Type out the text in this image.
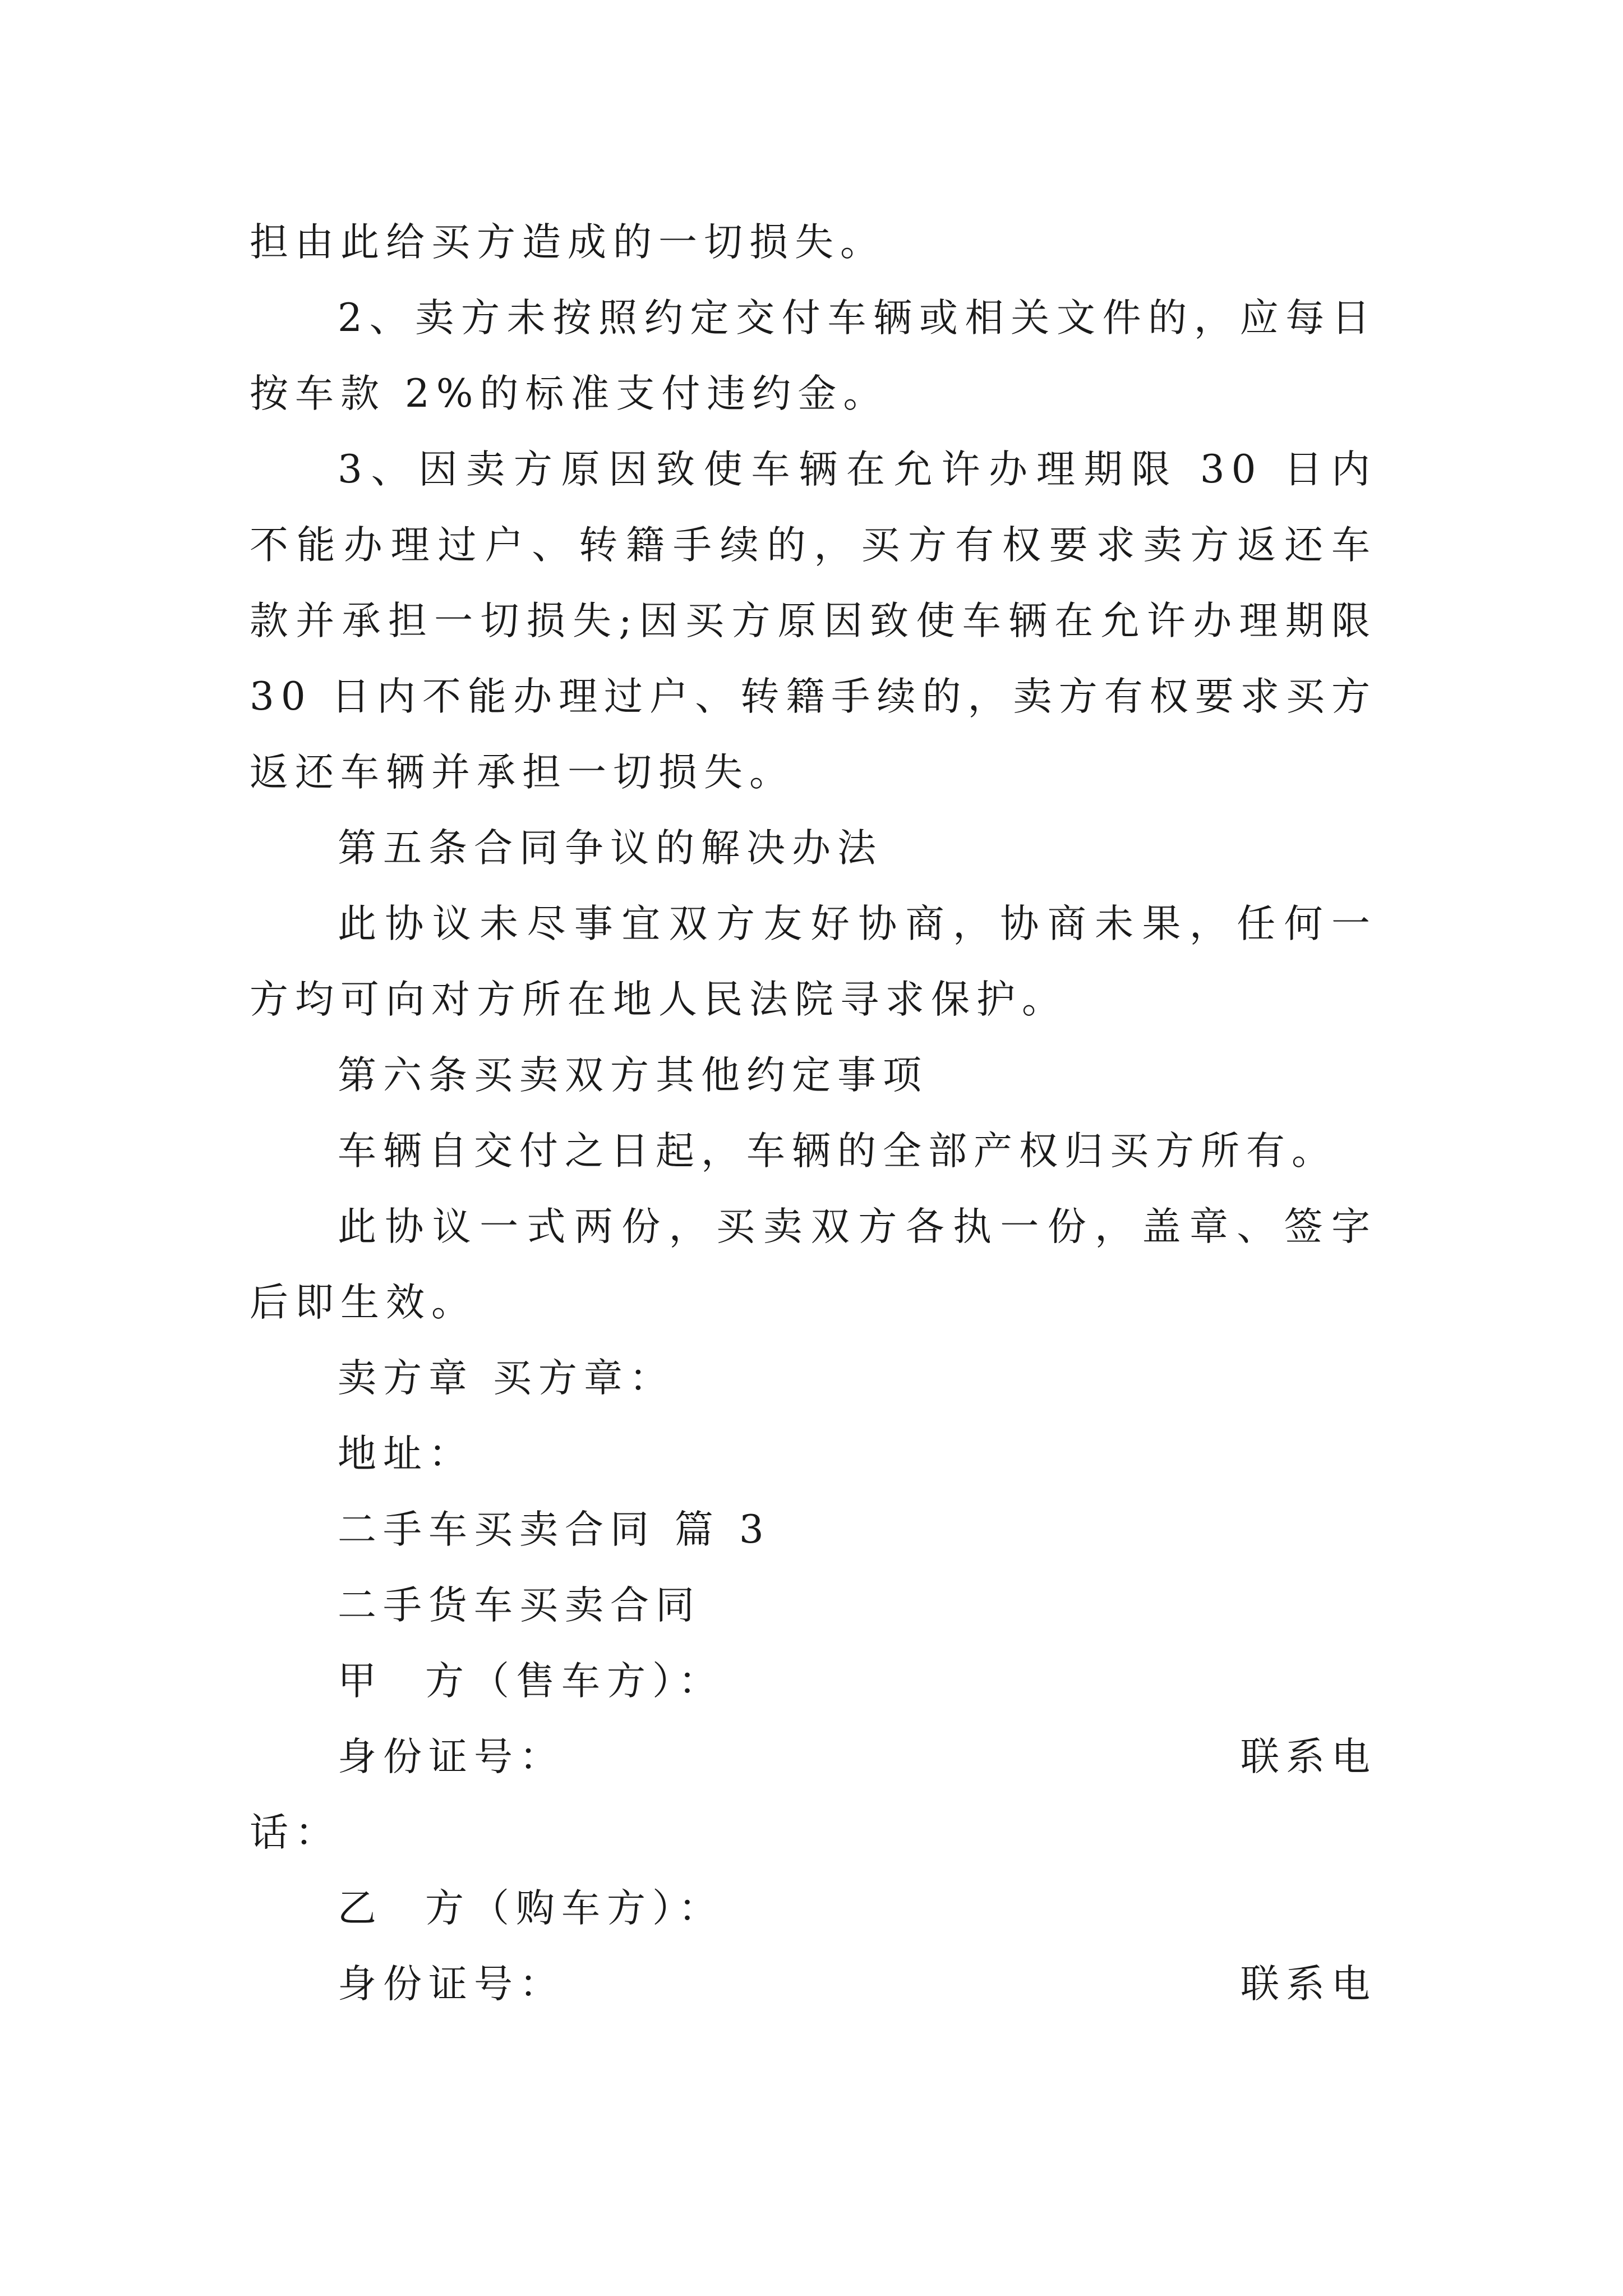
担由此给买方造成的一切损失。

2、卖方未按照约定交付车辆或相关文件的，应每日按车款 2%的标准支付违约金。

3、因卖方原因致使车辆在允许办理期限 30 日内不能办理过户、转籍手续的，买方有权要求卖方返还车款并承担一切损失;因买方原因致使车辆在允许办理期限 30 日内不能办理过户、转籍手续的，卖方有权要求买方返还车辆并承担一切损失。

第五条合同争议的解决办法

此协议未尽事宜双方友好协商，协商未果，任何一方均可向对方所在地人民法院寻求保护。

第六条买卖双方其他约定事项

车辆自交付之日起，车辆的全部产权归买方所有。

此协议一式两份，买卖双方各执一份，盖章、签字后即生效。

卖方章 买方章：

地址：

二手车买卖合同 篇 3

二手货车买卖合同

甲 方（售车方）：

身份证号：	联系电

话：

乙 方（购车方）：

身份证号：	联系电
